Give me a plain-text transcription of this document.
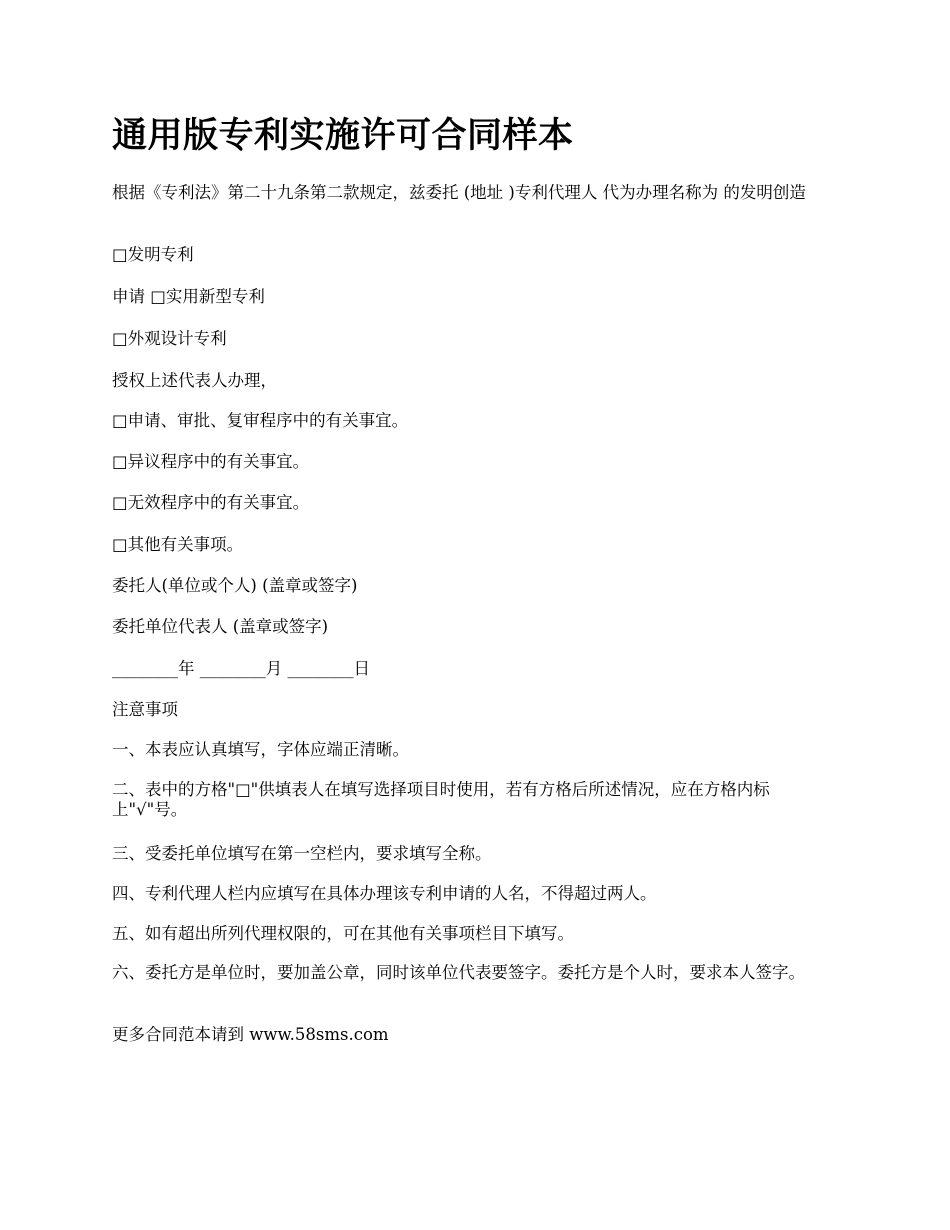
通用版专利实施许可合同样本

根据《专利法》第二十九条第二款规定，兹委托 (地址 )专利代理人 代为办理名称为 的发明创造

□发明专利

申请 □实用新型专利

□外观设计专利

授权上述代表人办理，

□申请、审批、复审程序中的有关事宜。

□异议程序中的有关事宜。

□无效程序中的有关事宜。

□其他有关事项。

委托人(单位或个人) (盖章或签字)

委托单位代表人 (盖章或签字)

________年 ________月 ________日

注意事项

一、本表应认真填写，字体应端正清晰。

二、表中的方格"□"供填表人在填写选择项目时使用，若有方格后所述情况，应在方格内标上"√"号。

三、受委托单位填写在第一空栏内，要求填写全称。

四、专利代理人栏内应填写在具体办理该专利申请的人名，不得超过两人。

五、如有超出所列代理权限的，可在其他有关事项栏目下填写。

六、委托方是单位时，要加盖公章，同时该单位代表要签字。委托方是个人时，要求本人签字。

更多合同范本请到 www.58sms.com
